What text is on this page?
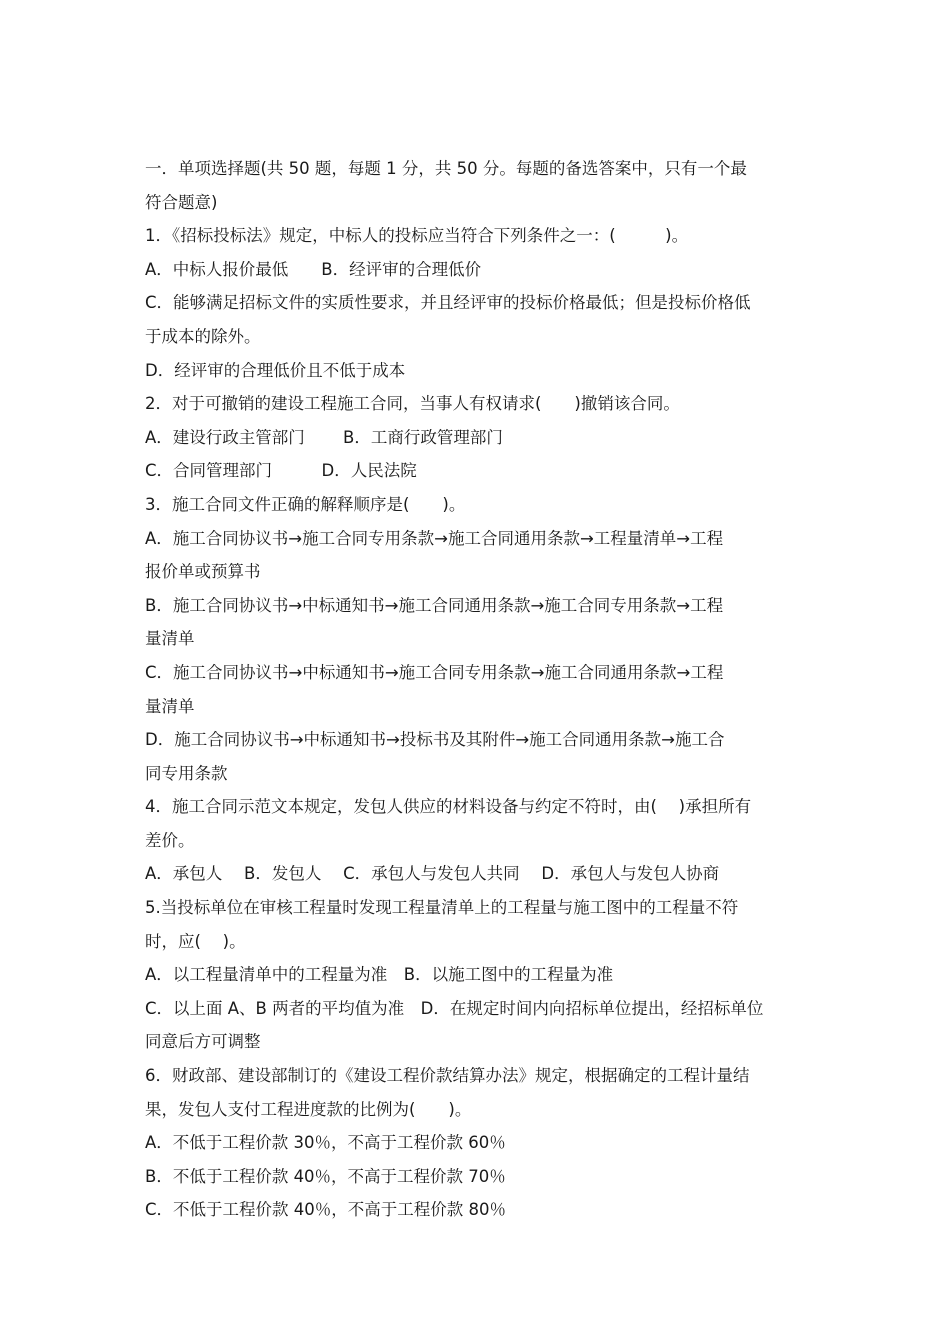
一．单项选择题(共 50 题，每题 1 分，共 50 分。每题的备选答案中，只有一个最
符合题意)
1．《招标投标法》规定，中标人的投标应当符合下列条件之一：(　　　)。
A．中标人报价最低　　B．经评审的合理低价
C．能够满足招标文件的实质性要求，并且经评审的投标价格最低；但是投标价格低
于成本的除外。
D．经评审的合理低价且不低于成本
2．对于可撤销的建设工程施工合同，当事人有权请求(　　)撤销该合同。
A．建设行政主管部门　　 B．工商行政管理部门
C．合同管理部门　　　D．人民法院
3．施工合同文件正确的解释顺序是(　　)。
A．施工合同协议书→施工合同专用条款→施工合同通用条款→工程量清单→工程
报价单或预算书
B．施工合同协议书→中标通知书→施工合同通用条款→施工合同专用条款→工程
量清单
C．施工合同协议书→中标通知书→施工合同专用条款→施工合同通用条款→工程
量清单
D．施工合同协议书→中标通知书→投标书及其附件→施工合同通用条款→施工合
同专用条款
4．施工合同示范文本规定，发包人供应的材料设备与约定不符时，由(　 )承担所有
差价。
A．承包人　 B．发包人　 C．承包人与发包人共同　 D．承包人与发包人协商
5.当投标单位在审核工程量时发现工程量清单上的工程量与施工图中的工程量不符
时，应(　 )。
A．以工程量清单中的工程量为准　B．以施工图中的工程量为准
C．以上面 A、B 两者的平均值为准　D．在规定时间内向招标单位提出，经招标单位
同意后方可调整
6．财政部、建设部制订的《建设工程价款结算办法》规定，根据确定的工程计量结
果，发包人支付工程进度款的比例为(　　)。
A．不低于工程价款 30％，不高于工程价款 60％
B．不低于工程价款 40％，不高于工程价款 70％
C．不低于工程价款 40％，不高于工程价款 80％
